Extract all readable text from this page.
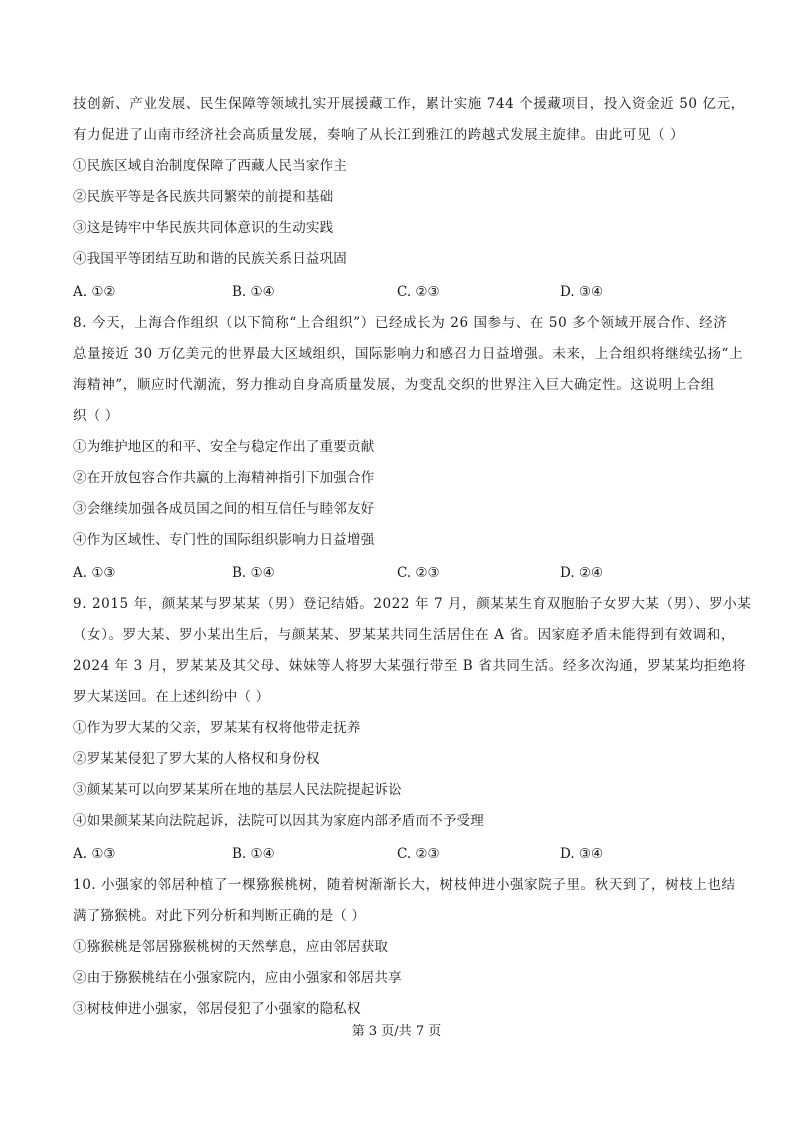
技创新、产业发展、民生保障等领域扎实开展援藏工作，累计实施 744 个援藏项目，投入资金近 50 亿元，
有力促进了山南市经济社会高质量发展，奏响了从长江到雅江的跨越式发展主旋律。由此可见（ ）
①民族区域自治制度保障了西藏人民当家作主
②民族平等是各民族共同繁荣的前提和基础
③这是铸牢中华民族共同体意识的生动实践
④我国平等团结互助和谐的民族关系日益巩固
A. ①②	B. ①④	C. ②③	D. ③④
8. 今天，上海合作组织（以下简称“上合组织”）已经成长为 26 国参与、在 50 多个领域开展合作、经济
总量接近 30 万亿美元的世界最大区域组织，国际影响力和感召力日益增强。未来，上合组织将继续弘扬“上
海精神”，顺应时代潮流，努力推动自身高质量发展，为变乱交织的世界注入巨大确定性。这说明上合组
织（ ）
①为维护地区的和平、安全与稳定作出了重要贡献
②在开放包容合作共赢的上海精神指引下加强合作
③会继续加强各成员国之间的相互信任与睦邻友好
④作为区域性、专门性的国际组织影响力日益增强
A. ①③	B. ①④	C. ②③	D. ②④
9. 2015 年，颜某某与罗某某（男）登记结婚。2022 年 7 月，颜某某生育双胞胎子女罗大某（男）、罗小某
（女）。罗大某、罗小某出生后，与颜某某、罗某某共同生活居住在 A 省。因家庭矛盾未能得到有效调和，
2024 年 3 月，罗某某及其父母、妹妹等人将罗大某强行带至 B 省共同生活。经多次沟通，罗某某均拒绝将
罗大某送回。在上述纠纷中（ ）
①作为罗大某的父亲，罗某某有权将他带走抚养
②罗某某侵犯了罗大某的人格权和身份权
③颜某某可以向罗某某所在地的基层人民法院提起诉讼
④如果颜某某向法院起诉，法院可以因其为家庭内部矛盾而不予受理
A. ①③	B. ①④	C. ②③	D. ③④
10. 小强家的邻居种植了一棵猕猴桃树，随着树渐渐长大，树枝伸进小强家院子里。秋天到了，树枝上也结
满了猕猴桃。对此下列分析和判断正确的是（ ）
①猕猴桃是邻居猕猴桃树的天然孳息，应由邻居获取
②由于猕猴桃结在小强家院内，应由小强家和邻居共享
③树枝伸进小强家，邻居侵犯了小强家的隐私权
第 3 页/共 7 页
